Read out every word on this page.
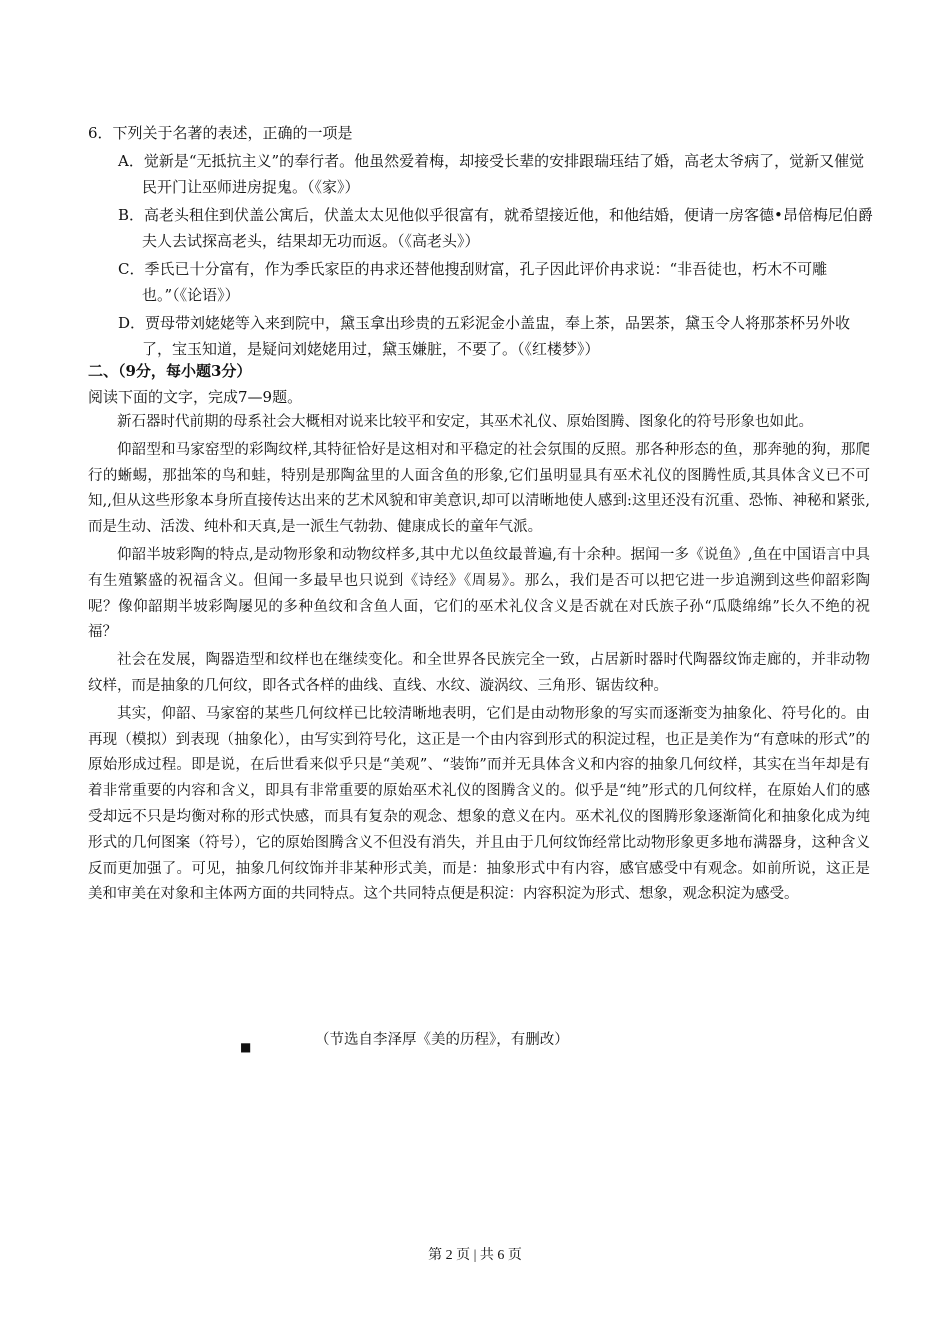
6．下列关于名著的表述，正确的一项是

A．觉新是“无抵抗主义”的奉行者。他虽然爱着梅，却接受长辈的安排跟瑞珏结了婚，高老太爷病了，觉新又催觉民开门让巫师进房捉鬼。（《家》）

B．高老头租住到伏盖公寓后，伏盖太太见他似乎很富有，就希望接近他，和他结婚，便请一房客德•昂倍梅尼伯爵夫人去试探高老头，结果却无功而返。（《高老头》）

C．季氏已十分富有，作为季氏家臣的冉求还替他搜刮财富，孔子因此评价冉求说：“非吾徒也，朽木不可雕也。”（《论语》）

D．贾母带刘姥姥等入来到院中，黛玉拿出珍贵的五彩泥金小盖盅，奉上茶，品罢茶，黛玉令人将那茶杯另外收了，宝玉知道，是疑问刘姥姥用过，黛玉嫌脏，不要了。（《红楼梦》）

二、（9分，每小题3分）

阅读下面的文字，完成7—9题。

新石器时代前期的母系社会大概相对说来比较平和安定，其巫术礼仪、原始图腾、图象化的符号形象也如此。

仰韶型和马家窑型的彩陶纹样,其特征恰好是这相对和平稳定的社会氛围的反照。那各种形态的鱼，那奔驰的狗，那爬行的蜥蜴，那拙笨的鸟和蛙，特别是那陶盆里的人面含鱼的形象,它们虽明显具有巫术礼仪的图腾性质,其具体含义已不可知,,但从这些形象本身所直接传达出来的艺术风貌和审美意识,却可以清晰地使人感到:这里还没有沉重、恐怖、神秘和紧张,而是生动、活泼、纯朴和天真,是一派生气勃勃、健康成长的童年气派。

仰韶半坡彩陶的特点,是动物形象和动物纹样多,其中尤以鱼纹最普遍,有十余种。据闻一多《说鱼》,鱼在中国语言中具有生殖繁盛的祝福含义。但闻一多最早也只说到《诗经》《周易》。那么，我们是否可以把它进一步追溯到这些仰韶彩陶呢？像仰韶期半坡彩陶屡见的多种鱼纹和含鱼人面，它们的巫术礼仪含义是否就在对氏族子孙“瓜瓞绵绵”长久不绝的祝福？

社会在发展，陶器造型和纹样也在继续变化。和全世界各民族完全一致，占居新时器时代陶器纹饰走廊的，并非动物纹样，而是抽象的几何纹，即各式各样的曲线、直线、水纹、漩涡纹、三角形、锯齿纹种。

其实，仰韶、马家窑的某些几何纹样已比较清晰地表明，它们是由动物形象的写实而逐渐变为抽象化、符号化的。由再现（模拟）到表现（抽象化），由写实到符号化，这正是一个由内容到形式的积淀过程，也正是美作为“有意味的形式”的原始形成过程。即是说，在后世看来似乎只是“美观”、“装饰”而并无具体含义和内容的抽象几何纹样，其实在当年却是有着非常重要的内容和含义，即具有非常重要的原始巫术礼仪的图腾含义的。似乎是“纯”形式的几何纹样，在原始人们的感受却远不只是均衡对称的形式快感，而具有复杂的观念、想象的意义在内。巫术礼仪的图腾形象逐渐简化和抽象化成为纯形式的几何图案（符号），它的原始图腾含义不但没有消失，并且由于几何纹饰经常比动物形象更多地布满器身，这种含义反而更加强了。可见，抽象几何纹饰并非某种形式美，而是：抽象形式中有内容，感官感受中有观念。如前所说，这正是美和审美在对象和主体两方面的共同特点。这个共同特点便是积淀：内容积淀为形式、想象，观念积淀为感受。

■	（节选自李泽厚《美的历程》，有删改）
第 2 页 | 共 6 页
